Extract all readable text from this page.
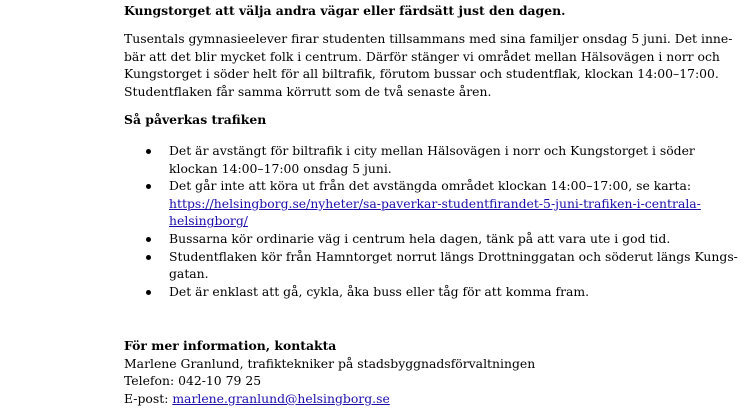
Kungstorget att välja andra vägar eller färdsätt just den dagen.
Tusentals gymnasieelever firar studenten tillsammans med sina familjer onsdag 5 juni. Det inne-
bär att det blir mycket folk i centrum. Därför stänger vi området mellan Hälsovägen i norr och
Kungstorget i söder helt för all biltrafik, förutom bussar och studentflak, klockan 14:00–17:00.
Studentflaken får samma körrutt som de två senaste åren.
Så påverkas trafiken
Det är avstängt för biltrafik i city mellan Hälsovägen i norr och Kungstorget i söder
klockan 14:00–17:00 onsdag 5 juni.
Det går inte att köra ut från det avstängda området klockan 14:00–17:00, se karta:
https://helsingborg.se/nyheter/sa-paverkar-studentfirandet-5-juni-trafiken-i-centrala-
helsingborg/
Bussarna kör ordinarie väg i centrum hela dagen, tänk på att vara ute i god tid.
Studentflaken kör från Hamntorget norrut längs Drottninggatan och söderut längs Kungs-
gatan.
Det är enklast att gå, cykla, åka buss eller tåg för att komma fram.
För mer information, kontakta
Marlene Granlund, trafiktekniker på stadsbyggnadsförvaltningen
Telefon: 042-10 79 25
E-post: marlene.granlund@helsingborg.se
